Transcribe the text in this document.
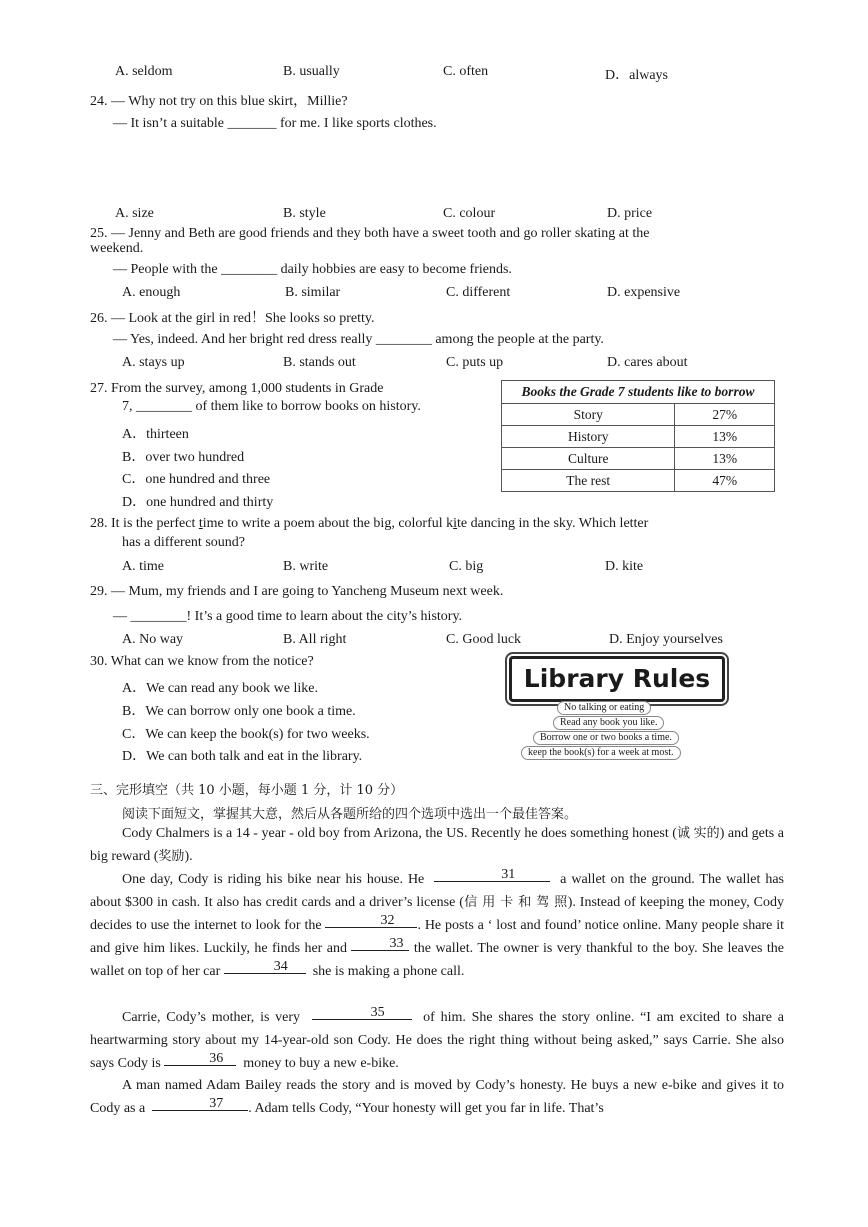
A. seldom	B. usually	C. often	D．always
24. — Why not try on this blue skirt，Millie?
— It isn’t a suitable _______ for me. I like sports clothes.
A. size	B. style	C. colour	D. price
25. — Jenny and Beth are good friends and they both have a sweet tooth and go roller skating at the
weekend.
— People with the ________ daily hobbies are easy to become friends.
A. enough	B. similar	C. different	D. expensive
26. — Look at the girl in red！She looks so pretty.
— Yes, indeed. And her bright red dress really ________ among the people at the party.
A. stays up	B. stands out	C. puts up	D. cares about
27. From the survey, among 1,000 students in Grade
7, ________ of them like to borrow books on history.
A．thirteen
B．over two hundred
C．one hundred and three
D．one hundred and thirty
Books the Grade 7 students like to borrow	
Story	27%
History	13%
Culture	13%
The rest	47%
28. It is the perfect time to write a poem about the big, colorful kite dancing in the sky. Which letter
has a different sound?
A. time	B. write	C. big	D. kite
29. — Mum, my friends and I are going to Yancheng Museum next week.
— ________! It’s a good time to learn about the city’s history.
A. No way	B. All right	C. Good luck	D. Enjoy yourselves
30. What can we know from the notice?
A．We can read any book we like.
B．We can borrow only one book a time.
C．We can keep the book(s) for two weeks.
D．We can both talk and eat in the library.
Library Rules
No talking or eating
Read any book you like.
Borrow one or two books a time.
keep the book(s) for a week at most.
三、完形填空（共 10 小题，每小题 1 分，计 10 分）
阅读下面短文，掌握其大意，然后从各题所给的四个选项中选出一个最佳答案。
Cody Chalmers is a 14 - year - old boy from Arizona, the US. Recently he does something honest (诚 实的) and gets a big reward (奖励).
One day, Cody is riding his bike near his house. He	31	a wallet on the ground. The wallet has about $300 in cash. It also has credit cards and a driver’s license (信 用 卡 和 驾 照). Instead of keeping the money, Cody decides to use the internet to look for the	32 . He posts a ‘ lost and found’ notice online. Many people share it and give him likes. Luckily, he finds her and	33 the wallet. The owner is very thankful to the boy. She leaves the wallet on top of her car	34 she is making a phone call.
Carrie, Cody’s mother, is very	35	of him. She shares the story online. “I am excited to share a heartwarming story about my 14-year-old son Cody. He does the right thing without being asked,” says Carrie. She also says Cody is	36 money to buy a new e-bike.
A man named Adam Bailey reads the story and is moved by Cody’s honesty. He buys a new e-bike and gives it to Cody as a	37 . Adam tells Cody, “Your honesty will get you far in life. That’s
